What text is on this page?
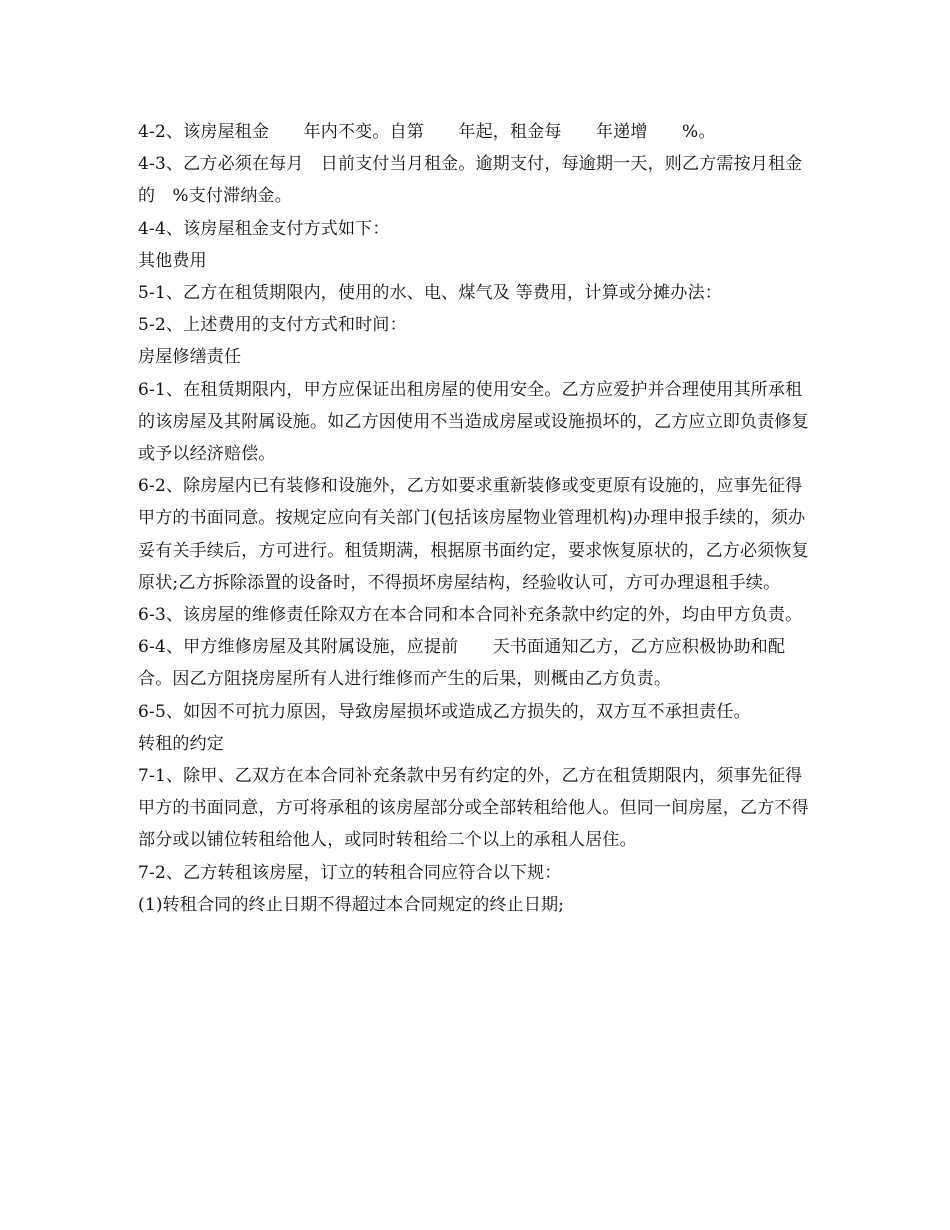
4-2、该房屋租金　　年内不变。自第　　年起，租金每　　年递增　　%。

4-3、乙方必须在每月　日前支付当月租金。逾期支付，每逾期一天，则乙方需按月租金的　%支付滞纳金。

4-4、该房屋租金支付方式如下：

其他费用

5-1、乙方在租赁期限内，使用的水、电、煤气及 等费用，计算或分摊办法：

5-2、上述费用的支付方式和时间：

房屋修缮责任

6-1、在租赁期限内，甲方应保证出租房屋的使用安全。乙方应爱护并合理使用其所承租的该房屋及其附属设施。如乙方因使用不当造成房屋或设施损坏的，乙方应立即负责修复或予以经济赔偿。

6-2、除房屋内已有装修和设施外，乙方如要求重新装修或变更原有设施的，应事先征得甲方的书面同意。按规定应向有关部门(包括该房屋物业管理机构)办理申报手续的，须办妥有关手续后，方可进行。租赁期满，根据原书面约定，要求恢复原状的，乙方必须恢复原状;乙方拆除添置的设备时，不得损坏房屋结构，经验收认可，方可办理退租手续。

6-3、该房屋的维修责任除双方在本合同和本合同补充条款中约定的外，均由甲方负责。

6-4、甲方维修房屋及其附属设施，应提前　　天书面通知乙方，乙方应积极协助和配合。因乙方阻挠房屋所有人进行维修而产生的后果，则概由乙方负责。

6-5、如因不可抗力原因，导致房屋损坏或造成乙方损失的，双方互不承担责任。

转租的约定

7-1、除甲、乙双方在本合同补充条款中另有约定的外，乙方在租赁期限内，须事先征得甲方的书面同意，方可将承租的该房屋部分或全部转租给他人。但同一间房屋，乙方不得部分或以铺位转租给他人，或同时转租给二个以上的承租人居住。

7-2、乙方转租该房屋，订立的转租合同应符合以下规：

(1)转租合同的终止日期不得超过本合同规定的终止日期;
